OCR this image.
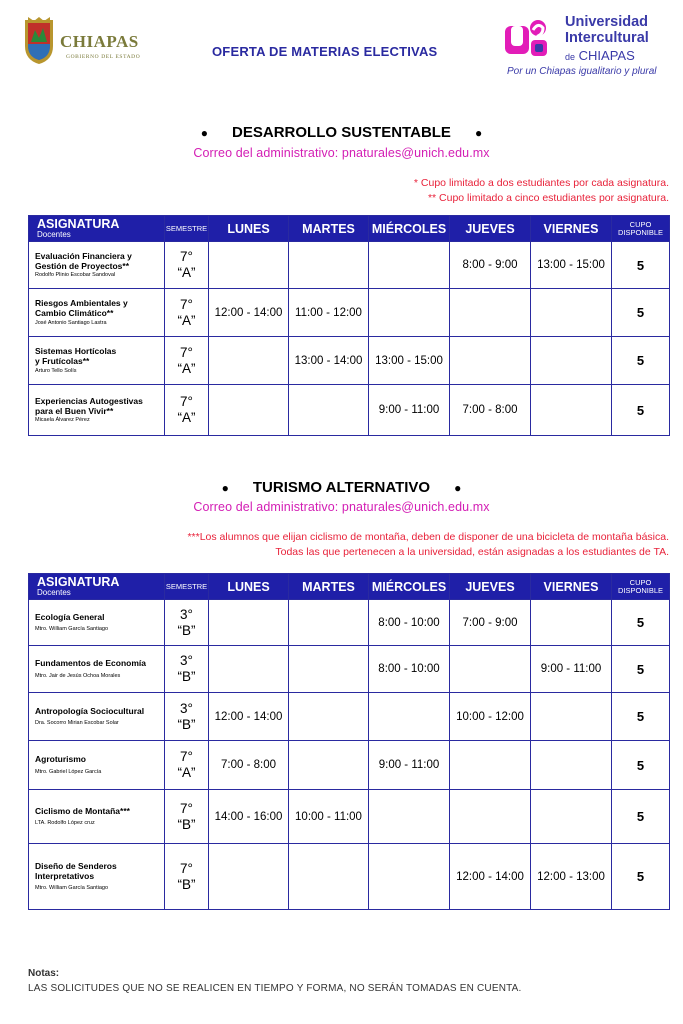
CHIAPAS
GOBIERNO DEL ESTADO	OFERTA DE MATERIAS ELECTIVAS
Universidad
Intercultural
de CHIAPAS
Por un Chiapas igualitario y plural
● DESARROLLO SUSTENTABLE ●
Correo del administrativo: pnaturales@unich.edu.mx
* Cupo limitado a dos estudiantes por cada asignatura.
** Cupo limitado a cinco estudiantes por asignatura.
ASIGNATURA
Docentes	SEMESTRE	LUNES	MARTES	MIÉRCOLES	JUEVES	VIERNES	CUPO
DISPONIBLE

Evaluación Financiera y
Gestión de Proyectos**
Rodolfo Plinio Escobar Sandoval	7°
“A”				8:00 - 9:00	13:00 - 15:00	5

Riesgos Ambientales y
Cambio Climático**
José Antonio Santiago Lastra	7°
“A”	12:00 - 14:00	11:00 - 12:00				5

Sistemas Hortícolas
y Frutícolas**
Arturo Tello Solís	7°
“A”		13:00 - 14:00	13:00 - 15:00			5

Experiencias Autogestivas
para el Buen Vivir**
Micaela Álvarez Pérez	7°
“A”			9:00 - 11:00	7:00 - 8:00		5
● TURISMO ALTERNATIVO ●
Correo del administrativo: pnaturales@unich.edu.mx
***Los alumnos que elijan ciclismo de montaña, deben de disponer de una bicicleta de montaña básica.
Todas las que pertenecen a la universidad, están asignadas a los estudiantes de TA.
ASIGNATURA
Docentes	SEMESTRE	LUNES	MARTES	MIÉRCOLES	JUEVES	VIERNES	CUPO
DISPONIBLE

Ecología General
Mtro. William García Santiago	3°
“B”			8:00 - 10:00	7:00 - 9:00		5

Fundamentos de Economía
Mtro. Jair de Jesús Ochoa Morales	3°
“B”			8:00 - 10:00		9:00 - 11:00	5

Antropología Sociocultural
Dra. Socorro Mirian Escobar Solar	3°
“B”	12:00 - 14:00			10:00 - 12:00		5

Agroturismo
Mtro. Gabriel López García	7°
“A”	7:00 - 8:00		9:00 - 11:00			5

Ciclismo de Montaña***
LTA. Rodolfo López cruz	7°
“B”	14:00 - 16:00	10:00 - 11:00				5

Diseño de Senderos
Interpretativos
Mtro. William García Santiago	7°
“B”				12:00 - 14:00	12:00 - 13:00	5
Notas:
LAS SOLICITUDES QUE NO SE REALICEN EN TIEMPO Y FORMA, NO SERÁN TOMADAS EN CUENTA.
